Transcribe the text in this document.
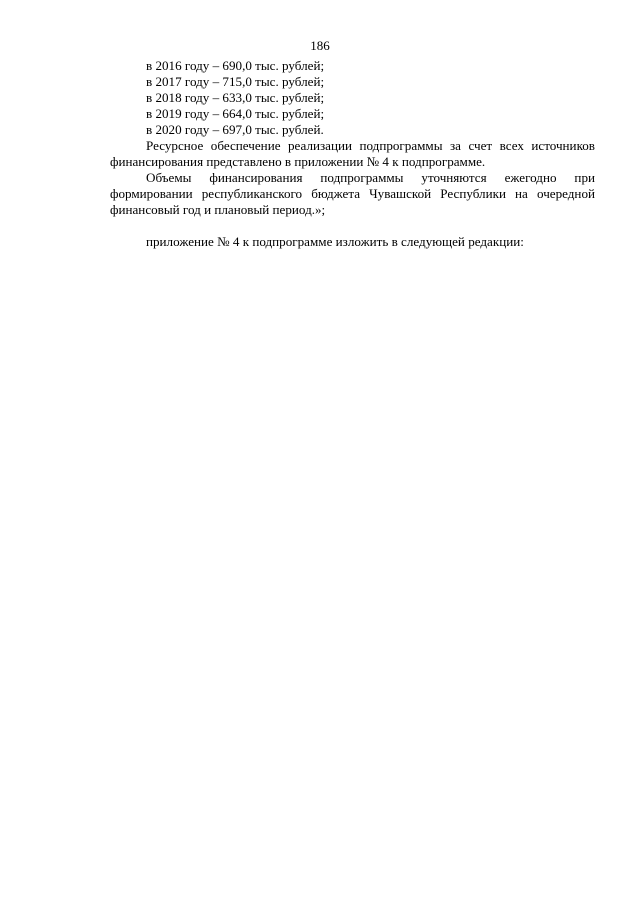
186

в 2016 году – 690,0 тыс. рублей;

в 2017 году – 715,0 тыс. рублей;

в 2018 году – 633,0 тыс. рублей;

в 2019 году – 664,0 тыс. рублей;

в 2020 году – 697,0 тыс. рублей.

Ресурсное обеспечение реализации подпрограммы за счет всех источников финансирования представлено в приложении № 4 к подпрограмме.

Объемы финансирования подпрограммы уточняются ежегодно при формировании республиканского бюджета Чувашской Республики на очередной финансовый год и плановый период.»;

приложение № 4 к подпрограмме изложить в следующей редакции:
